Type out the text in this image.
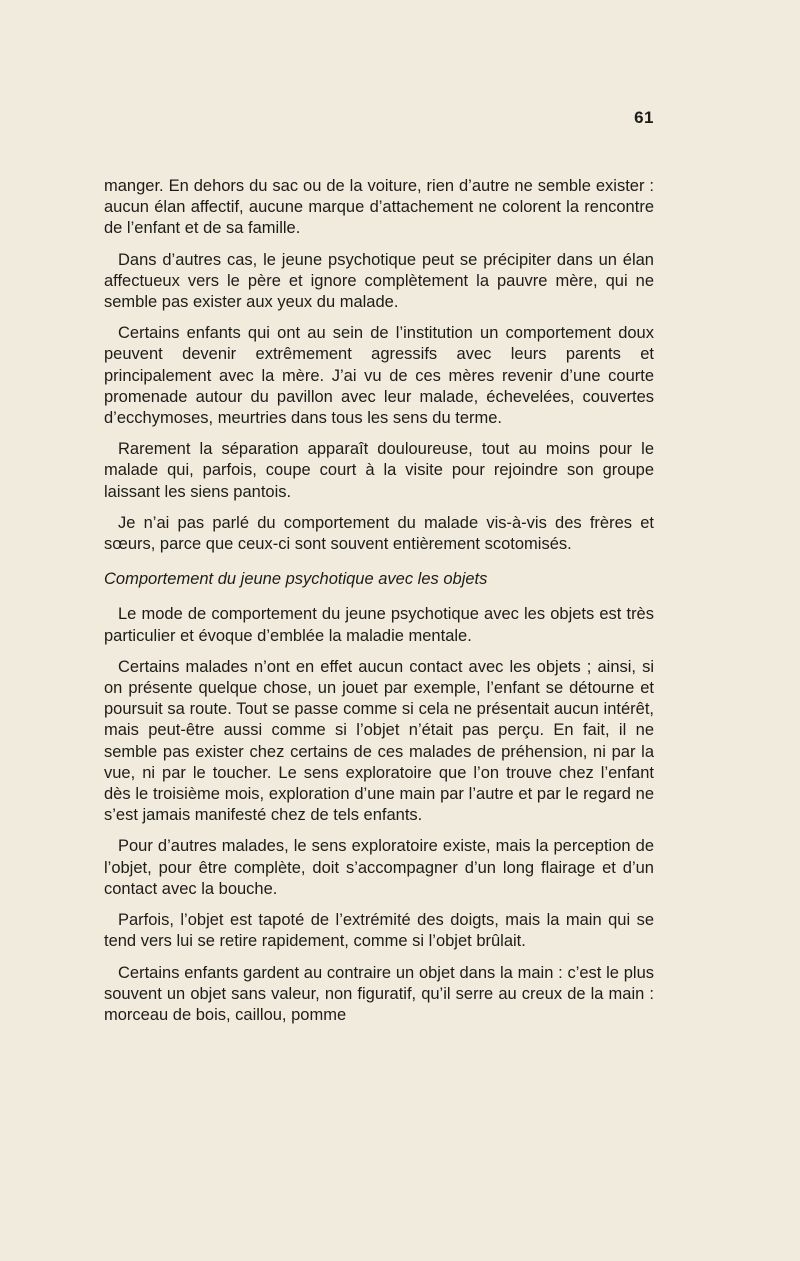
61

manger. En dehors du sac ou de la voiture, rien d’autre ne semble exister : aucun élan affectif, aucune marque d’attachement ne colorent la rencontre de l’enfant et de sa famille.

Dans d’autres cas, le jeune psychotique peut se précipiter dans un élan affectueux vers le père et ignore complètement la pauvre mère, qui ne semble pas exister aux yeux du malade.

Certains enfants qui ont au sein de l’institution un comportement doux peuvent devenir extrêmement agressifs avec leurs parents et principalement avec la mère. J’ai vu de ces mères revenir d’une courte promenade autour du pavillon avec leur malade, échevelées, couvertes d’ecchymoses, meurtries dans tous les sens du terme.

Rarement la séparation apparaît douloureuse, tout au moins pour le malade qui, parfois, coupe court à la visite pour rejoindre son groupe laissant les siens pantois.

Je n’ai pas parlé du comportement du malade vis-à-vis des frères et sœurs, parce que ceux-ci sont souvent entièrement scotomisés.

Comportement du jeune psychotique avec les objets

Le mode de comportement du jeune psychotique avec les objets est très particulier et évoque d’emblée la maladie mentale.

Certains malades n’ont en effet aucun contact avec les objets ; ainsi, si on présente quelque chose, un jouet par exemple, l’enfant se détourne et poursuit sa route. Tout se passe comme si cela ne présentait aucun intérêt, mais peut-être aussi comme si l’objet n’était pas perçu. En fait, il ne semble pas exister chez certains de ces malades de préhension, ni par la vue, ni par le toucher. Le sens exploratoire que l’on trouve chez l’enfant dès le troisième mois, exploration d’une main par l’autre et par le regard ne s’est jamais manifesté chez de tels enfants.

Pour d’autres malades, le sens exploratoire existe, mais la perception de l’objet, pour être complète, doit s’accompagner d’un long flairage et d’un contact avec la bouche.

Parfois, l’objet est tapoté de l’extrémité des doigts, mais la main qui se tend vers lui se retire rapidement, comme si l’objet brûlait.

Certains enfants gardent au contraire un objet dans la main : c’est le plus souvent un objet sans valeur, non figuratif, qu’il serre au creux de la main : morceau de bois, caillou, pomme
